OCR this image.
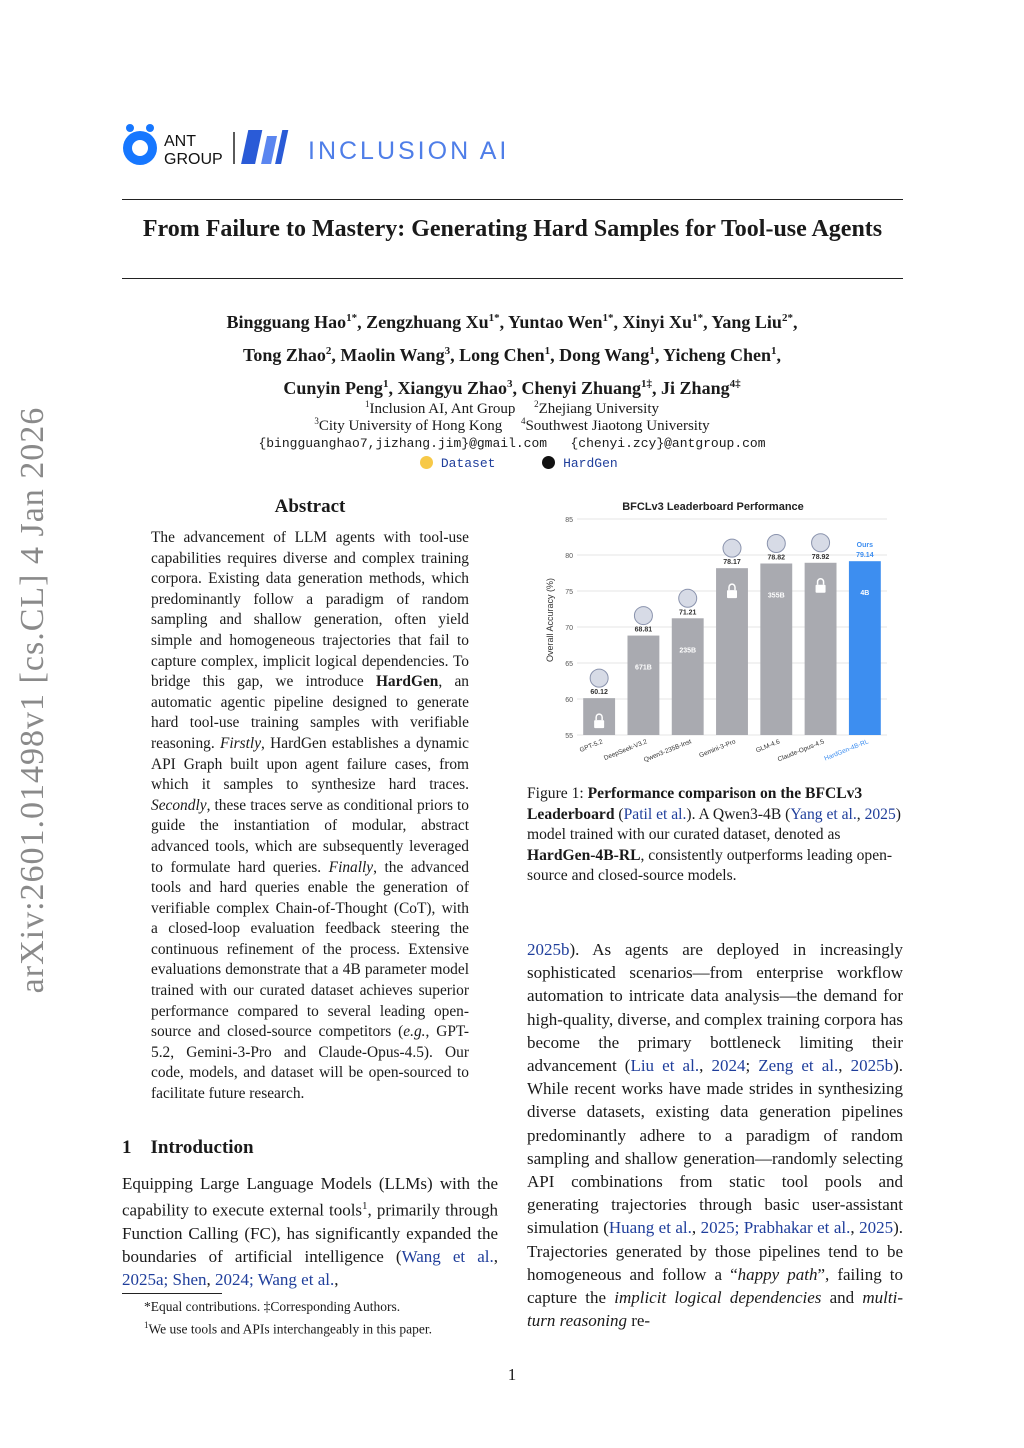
arXiv:2601.01498v1 [cs.CL] 4 Jan 2026
ANT
GROUP	INCLUSION AI
From Failure to Mastery: Generating Hard Samples for Tool-use Agents
Bingguang Hao$^{1*}$, Zengzhuang $Xu^{1*}$, Yuntao Wen$^{1*}$, Xinyi $Xu^{1*}$, Yang Liu$^{2*}$,
Tong Zhao$^2$, Maolin Wang$^3$, Long Chen$^1$, Dong Wang$^1$, Yicheng Chen$^1$,
Cunyin Peng$^1$, Xiangyu Zhao$^3$, Chenyi Zhuang$^{1\ddagger}$, Ji Zhang$^{4\ddagger}$
$^1$Inclusion AI, Ant Group $^2$Zhejiang University
$^3$City University of Hong Kong $^4$Southwest Jiaotong University
{bingguanghao7,jizhang.jim}@gmail.com {chenyi.zcy}@antgroup.com
Dataset	HardGen
Abstract
The advancement of LLM agents with tool-use capabilities requires diverse and complex training corpora. Existing data generation methods, which predominantly follow a paradigm of random sampling and shallow generation, often yield simple and homogeneous trajectories that fail to capture complex, implicit logical dependencies. To bridge this gap, we introduce HardGen, an automatic agentic pipeline designed to generate hard tool-use training samples with verifiable reasoning. Firstly, HardGen establishes a dynamic API Graph built upon agent failure cases, from which it samples to synthesize hard traces. Secondly, these traces serve as conditional priors to guide the instantiation of modular, abstract advanced tools, which are subsequently leveraged to formulate hard queries. Finally, the advanced tools and hard queries enable the generation of verifiable complex Chain-of-Thought (CoT), with a closed-loop evaluation feedback steering the continuous refinement of the process. Extensive evaluations demonstrate that a 4B parameter model trained with our curated dataset achieves superior performance compared to several leading open-source and closed-source competitors (e.g., GPT-5.2, Gemini-3-Pro and Claude-Opus-4.5). Our code, models, and dataset will be open-sourced to facilitate future research.
1 Introduction
Equipping Large Language Models (LLMs) with the capability to execute external tools$^1$, primarily through Function Calling (FC), has significantly expanded the boundaries of artificial intelligence (Wang et al., 2025a; Shen, 2024; Wang et al.,
*Equal contributions. ‡Corresponding Authors.
$^1$We use tools and APIs interchangeably in this paper.
BFCLv3 Leaderboard Performance
Overall Accuracy (%)
55
60
65
70
75
80
85
60.12
GPT-5.2
68.81
671B
DeepSeek-V3.2
71.21
235B
Qwen3-235B-Inst
78.17
Gemini-3-Pro
78.82
355B
GLM-4.6
78.92
Claude-Opus-4.5
79.14
4B
Ours
HardGen-4B-RL
Figure 1: Performance comparison on the BFCLv3 Leaderboard (Patil et al.). A Qwen3-4B (Yang et al., 2025) model trained with our curated dataset, denoted as HardGen-4B-RL, consistently outperforms leading open-source and closed-source models.
2025b). As agents are deployed in increasingly sophisticated scenarios—from enterprise workflow automation to intricate data analysis—the demand for high-quality, diverse, and complex training corpora has become the primary bottleneck limiting their advancement (Liu et al., 2024; Zeng et al., 2025b). While recent works have made strides in synthesizing diverse datasets, existing data generation pipelines predominantly adhere to a paradigm of random sampling and shallow generation—randomly selecting API combinations from static tool pools and generating trajectories through basic user-assistant simulation (Huang et al., 2025; Prabhakar et al., 2025). Trajectories generated by those pipelines tend to be homogeneous and follow a “happy path”, failing to capture the implicit logical dependencies and multi-turn reasoning re-
1
